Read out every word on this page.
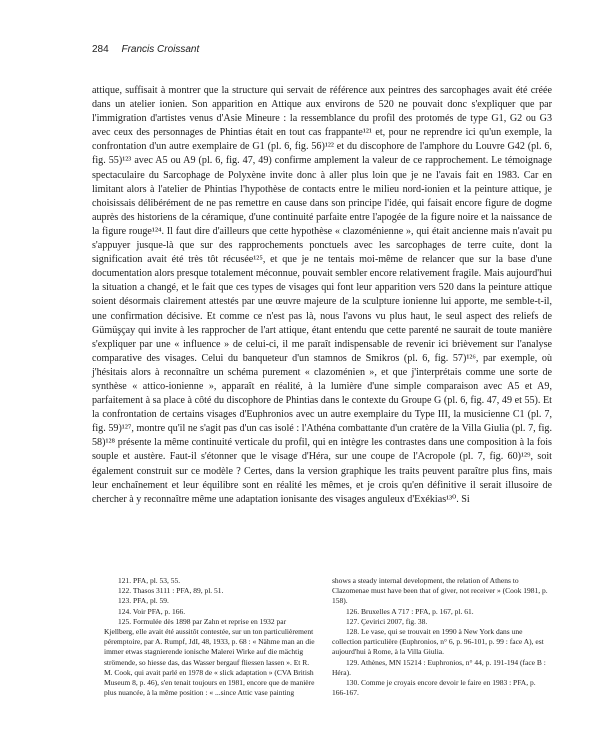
284 Francis Croissant

attique, suffisait à montrer que la structure qui servait de référence aux peintres des sarcophages avait été créée dans un atelier ionien. Son apparition en Attique aux environs de 520 ne pouvait donc s'expliquer que par l'immigration d'artistes venus d'Asie Mineure : la ressemblance du profil des protomés de type G1, G2 ou G3 avec ceux des personnages de Phintias était en tout cas frappante¹²¹ et, pour ne reprendre ici qu'un exemple, la confrontation d'un autre exemplaire de G1 (pl. 6, fig. 56)¹²² et du discophore de l'amphore du Louvre G42 (pl. 6, fig. 55)¹²³ avec A5 ou A9 (pl. 6, fig. 47, 49) confirme amplement la valeur de ce rapprochement. Le témoignage spectaculaire du Sarcophage de Polyxène invite donc à aller plus loin que je ne l'avais fait en 1983. Car en limitant alors à l'atelier de Phintias l'hypothèse de contacts entre le milieu nord-ionien et la peinture attique, je choisissais délibérément de ne pas remettre en cause dans son principe l'idée, qui faisait encore figure de dogme auprès des historiens de la céramique, d'une continuité parfaite entre l'apogée de la figure noire et la naissance de la figure rouge¹²⁴. Il faut dire d'ailleurs que cette hypothèse « clazoménienne », qui était ancienne mais n'avait pu s'appuyer jusque-là que sur des rapprochements ponctuels avec les sarcophages de terre cuite, dont la signification avait été très tôt récusée¹²⁵, et que je ne tentais moi-même de relancer que sur la base d'une documentation alors presque totalement méconnue, pouvait sembler encore relativement fragile. Mais aujourd'hui la situation a changé, et le fait que ces types de visages qui font leur apparition vers 520 dans la peinture attique soient désormais clairement attestés par une œuvre majeure de la sculpture ionienne lui apporte, me semble-t-il, une confirmation décisive. Et comme ce n'est pas là, nous l'avons vu plus haut, le seul aspect des reliefs de Gümüşçay qui invite à les rapprocher de l'art attique, étant entendu que cette parenté ne saurait de toute manière s'expliquer par une « influence » de celui-ci, il me paraît indispensable de revenir ici brièvement sur l'analyse comparative des visages. Celui du banqueteur d'un stamnos de Smikros (pl. 6, fig. 57)¹²⁶, par exemple, où j'hésitais alors à reconnaître un schéma purement « clazoménien », et que j'interprétais comme une sorte de synthèse « attico-ionienne », apparaît en réalité, à la lumière d'une simple comparaison avec A5 et A9, parfaitement à sa place à côté du discophore de Phintias dans le contexte du Groupe G (pl. 6, fig. 47, 49 et 55). Et la confrontation de certains visages d'Euphronios avec un autre exemplaire du Type III, la musicienne C1 (pl. 7, fig. 59)¹²⁷, montre qu'il ne s'agit pas d'un cas isolé : l'Athéna combattante d'un cratère de la Villa Giulia (pl. 7, fig. 58)¹²⁸ présente la même continuité verticale du profil, qui en intègre les contrastes dans une composition à la fois souple et austère. Faut-il s'étonner que le visage d'Héra, sur une coupe de l'Acropole (pl. 7, fig. 60)¹²⁹, soit également construit sur ce modèle ? Certes, dans la version graphique les traits peuvent paraître plus fins, mais leur enchaînement et leur équilibre sont en réalité les mêmes, et je crois qu'en définitive il serait illusoire de chercher à y reconnaître même une adaptation ionisante des visages anguleux d'Exékias¹³⁰. Si

121. PFA, pl. 53, 55.

122. Thasos 3111 : PFA, 89, pl. 51.

123. PFA, pl. 59.

124. Voir PFA, p. 166.

125. Formulée dès 1898 par Zahn et reprise en 1932 par Kjellberg, elle avait été aussitôt contestée, sur un ton particulièrement péremptoire, par A. Rumpf, JdI, 48, 1933, p. 68 : « Nähme man an die immer etwas stagnierende ionische Malerei Wirke auf die mächtig strömende, so hiesse das, das Wasser bergauf fliessen lassen ». Et R. M. Cook, qui avait parlé en 1978 de « slick adaptation » (CVA British Museum 8, p. 46), s'en tenait toujours en 1981, encore que de manière plus nuancée, à la même position : « ...since Attic vase painting

shows a steady internal development, the relation of Athens to Clazomenae must have been that of giver, not receiver » (Cook 1981, p. 158).

126. Bruxelles A 717 : PFA, p. 167, pl. 61.

127. Çevirici 2007, fig. 38.

128. Le vase, qui se trouvait en 1990 à New York dans une collection particulière (Euphronios, n° 6, p. 96-101, p. 99 : face A), est aujourd'hui à Rome, à la Villa Giulia.

129. Athènes, MN 15214 : Euphronios, n° 44, p. 191-194 (face B : Héra).

130. Comme je croyais encore devoir le faire en 1983 : PFA, p. 166-167.
